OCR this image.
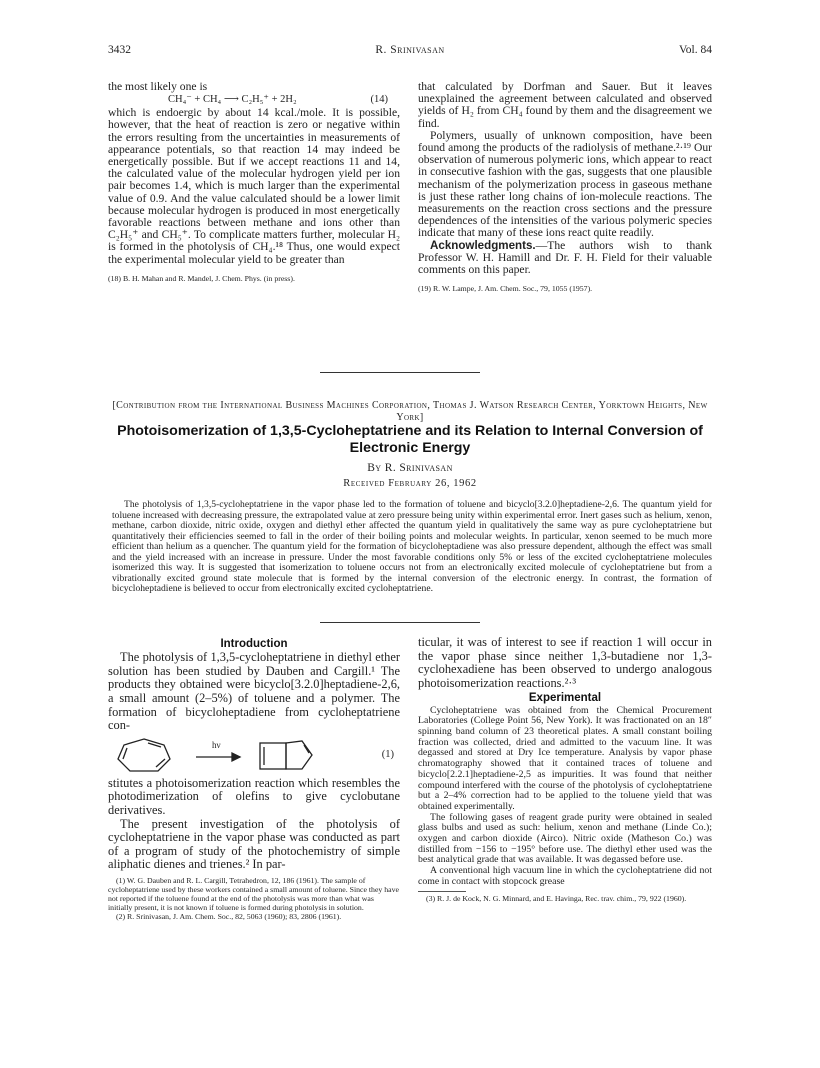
3432	R. Srinivasan	Vol. 84

the most likely one is

CH₄⁻ + CH₄ ⟶ C₂H₅⁺ + 2H₂	(14)

which is endoergic by about 14 kcal./mole. It is possible, however, that the heat of reaction is zero or negative within the errors resulting from the uncertainties in measurements of appearance potentials, so that reaction 14 may indeed be energetically possible. But if we accept reactions 11 and 14, the calculated value of the molecular hydrogen yield per ion pair becomes 1.4, which is much larger than the experimental value of 0.9. And the value calculated should be a lower limit because molecular hydrogen is produced in most energetically favorable reactions between methane and ions other than C₂H₅⁺ and CH₅⁺. To complicate matters further, molecular H₂ is formed in the photolysis of CH₄.¹⁸ Thus, one would expect the experimental molecular yield to be greater than

(18) B. H. Mahan and R. Mandel, J. Chem. Phys. (in press).

that calculated by Dorfman and Sauer. But it leaves unexplained the agreement between calculated and observed yields of H₂ from CH₄ found by them and the disagreement we find.

Polymers, usually of unknown composition, have been found among the products of the radiolysis of methane.²·¹⁹ Our observation of numerous polymeric ions, which appear to react in consecutive fashion with the gas, suggests that one plausible mechanism of the polymerization process in gaseous methane is just these rather long chains of ion-molecule reactions. The measurements on the reaction cross sections and the pressure dependences of the intensities of the various polymeric species indicate that many of these ions react quite readily.

Acknowledgments.—The authors wish to thank Professor W. H. Hamill and Dr. F. H. Field for their valuable comments on this paper.

(19) R. W. Lampe, J. Am. Chem. Soc., 79, 1055 (1957).

[Contribution from the International Business Machines Corporation, Thomas J. Watson Research Center, Yorktown Heights, New York]
Photoisomerization of 1,3,5-Cycloheptatriene and its Relation to Internal Conversion of Electronic Energy
By R. Srinivasan
Received February 26, 1962
The photolysis of 1,3,5-cycloheptatriene in the vapor phase led to the formation of toluene and bicyclo[3.2.0]heptadiene-2,6. The quantum yield for toluene increased with decreasing pressure, the extrapolated value at zero pressure being unity within experimental error. Inert gases such as helium, xenon, methane, carbon dioxide, nitric oxide, oxygen and diethyl ether affected the quantum yield in qualitatively the same way as pure cycloheptatriene but quantitatively their efficiencies seemed to fall in the order of their boiling points and molecular weights. In particular, xenon seemed to be much more efficient than helium as a quencher. The quantum yield for the formation of bicycloheptadiene was also pressure dependent, although the effect was small and the yield increased with an increase in pressure. Under the most favorable conditions only 5% or less of the excited cycloheptatriene molecules isomerized this way. It is suggested that isomerization to toluene occurs not from an electronically excited molecule of cycloheptatriene but from a vibrationally excited ground state molecule that is formed by the internal conversion of the electronic energy. In contrast, the formation of bicycloheptadiene is believed to occur from electronically excited cycloheptatriene.
Introduction

The photolysis of 1,3,5-cycloheptatriene in diethyl ether solution has been studied by Dauben and Cargill.¹ The products they obtained were bicyclo[3.2.0]heptadiene-2,6, a small amount (2–5%) of toluene and a polymer. The formation of bicycloheptadiene from cycloheptatriene con-

hν
(1)

stitutes a photoisomerization reaction which resembles the photodimerization of olefins to give cyclobutane derivatives.

The present investigation of the photolysis of cycloheptatriene in the vapor phase was conducted as part of a program of study of the photochemistry of simple aliphatic dienes and trienes.² In par-

(1) W. G. Dauben and R. L. Cargill, Tetrahedron, 12, 186 (1961). The sample of cycloheptatriene used by these workers contained a small amount of toluene. Since they have not reported if the toluene found at the end of the photolysis was more than what was initially present, it is not known if toluene is formed during photolysis in solution.

(2) R. Srinivasan, J. Am. Chem. Soc., 82, 5063 (1960); 83, 2806 (1961).

ticular, it was of interest to see if reaction 1 will occur in the vapor phase since neither 1,3-butadiene nor 1,3-cyclohexadiene has been observed to undergo analogous photoisomerization reactions.²·³

Experimental

Cycloheptatriene was obtained from the Chemical Procurement Laboratories (College Point 56, New York). It was fractionated on an 18″ spinning band column of 23 theoretical plates. A small constant boiling fraction was collected, dried and admitted to the vacuum line. It was degassed and stored at Dry Ice temperature. Analysis by vapor phase chromatography showed that it contained traces of toluene and bicyclo[2.2.1]heptadiene-2,5 as impurities. It was found that neither compound interfered with the course of the photolysis of cycloheptatriene but a 2–4% correction had to be applied to the toluene yield that was obtained experimentally.

The following gases of reagent grade purity were obtained in sealed glass bulbs and used as such: helium, xenon and methane (Linde Co.); oxygen and carbon dioxide (Airco). Nitric oxide (Matheson Co.) was distilled from −156 to −195° before use. The diethyl ether used was the best analytical grade that was available. It was degassed before use.

A conventional high vacuum line in which the cycloheptatriene did not come in contact with stopcock grease

(3) R. J. de Kock, N. G. Minnard, and E. Havinga, Rec. trav. chim., 79, 922 (1960).
